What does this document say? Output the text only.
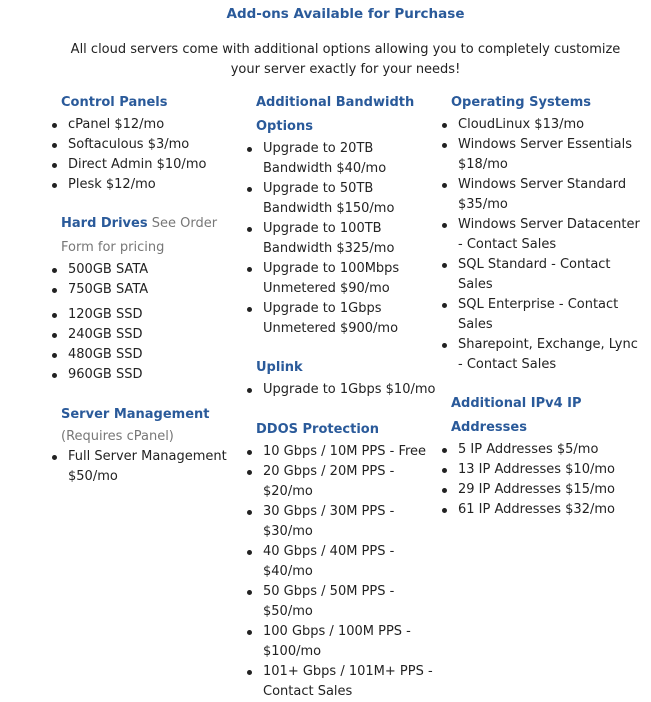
Add-ons Available for Purchase
All cloud servers come with additional options allowing you to completely customize your server exactly for your needs!
Control Panels
cPanel $12/mo
Softaculous $3/mo
Direct Admin $10/mo
Plesk $12/mo
Hard Drives See Order Form for pricing
500GB SATA
750GB SATA
120GB SSD
240GB SSD
480GB SSD
960GB SSD
Server Management

(Requires cPanel)

Full Server Management $50/mo
Additional Bandwidth Options
Upgrade to 20TB Bandwidth $40/mo
Upgrade to 50TB Bandwidth $150/mo
Upgrade to 100TB Bandwidth $325/mo
Upgrade to 100Mbps Unmetered $90/mo
Upgrade to 1Gbps Unmetered $900/mo
Uplink
Upgrade to 1Gbps $10/mo
DDOS Protection
10 Gbps / 10M PPS - Free
20 Gbps / 20M PPS - $20/mo
30 Gbps / 30M PPS - $30/mo
40 Gbps / 40M PPS - $40/mo
50 Gbps / 50M PPS - $50/mo
100 Gbps / 100M PPS - $100/mo
101+ Gbps / 101M+ PPS - Contact Sales
Operating Systems
CloudLinux $13/mo
Windows Server Essentials $18/mo
Windows Server Standard $35/mo
Windows Server Datacenter - Contact Sales
SQL Standard - Contact Sales
SQL Enterprise - Contact Sales
Sharepoint, Exchange, Lync - Contact Sales
Additional IPv4 IP Addresses
5 IP Addresses $5/mo
13 IP Addresses $10/mo
29 IP Addresses $15/mo
61 IP Addresses $32/mo
